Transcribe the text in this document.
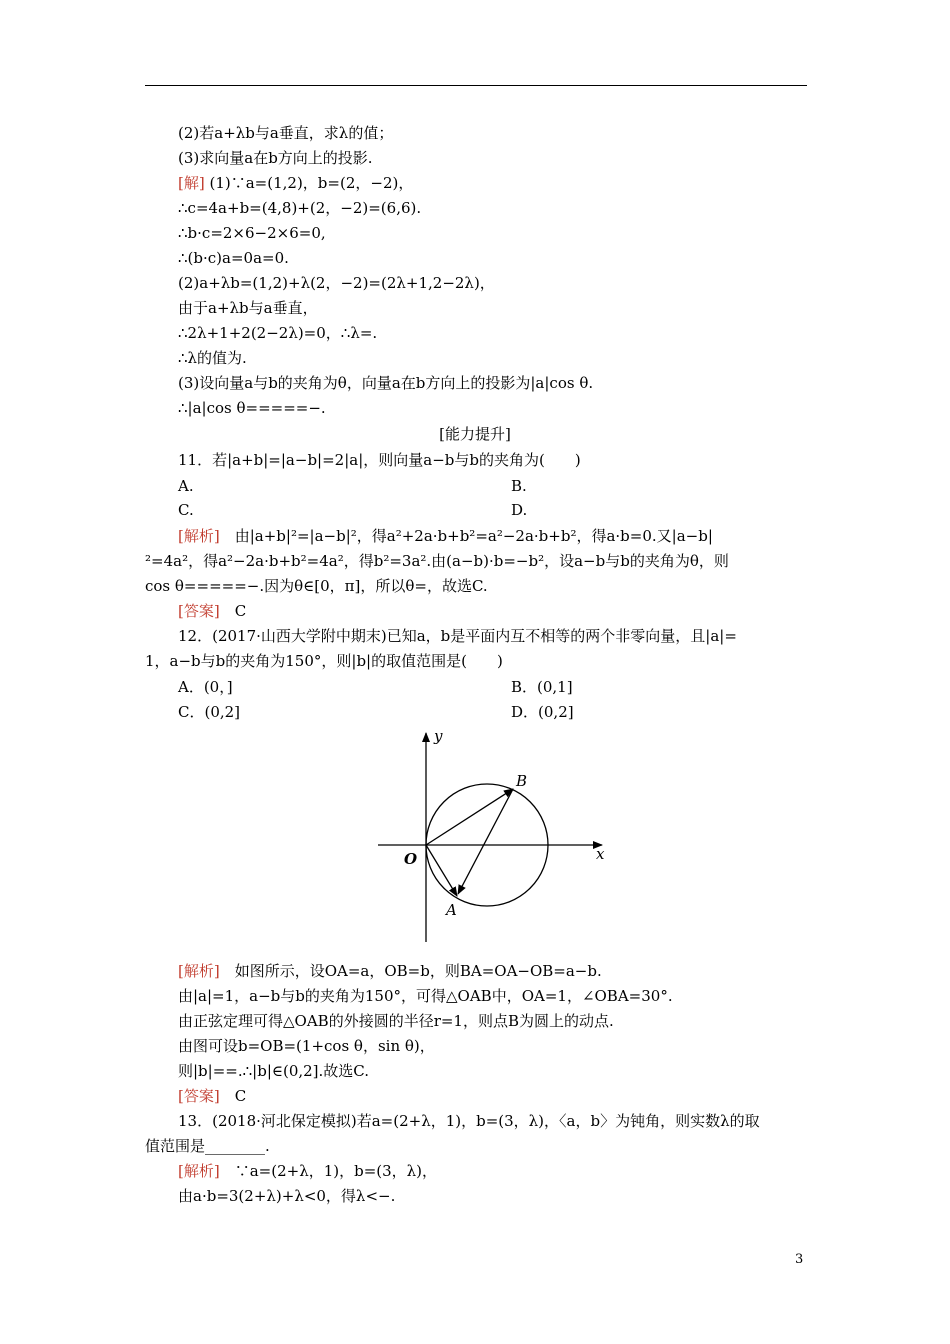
(2)若a+λb与a垂直，求λ的值；
(3)求向量a在b方向上的投影.
[解] (1)∵a=(1,2)，b=(2，−2)，
∴c=4a+b=(4,8)+(2，−2)=(6,6).
∴b·c=2×6−2×6=0,
∴(b·c)a=0a=0.
(2)a+λb=(1,2)+λ(2，−2)=(2λ+1,2−2λ)，
由于a+λb与a垂直，
∴2λ+1+2(2−2λ)=0，∴λ=.
∴λ的值为.
(3)设向量a与b的夹角为θ，向量a在b方向上的投影为|a|cos θ.
∴|a|cos θ=====−.
[能力提升]
11．若|a+b|=|a−b|=2|a|，则向量a−b与b的夹角为(　　)
A.	B.
C.	D.
[解析]　由|a+b|²=|a−b|²，得a²+2a·b+b²=a²−2a·b+b²，得a·b=0.又|a−b|
²=4a²，得a²−2a·b+b²=4a²，得b²=3a².由(a−b)·b=−b²，设a−b与b的夹角为θ，则
cos θ=====−.因为θ∈[0，π]，所以θ=，故选C.
[答案]　C
12．(2017·山西大学附中期末)已知a，b是平面内互不相等的两个非零向量，且|a|=
1，a−b与b的夹角为150°，则|b|的取值范围是(　　)
A．(0，]	B．(0,1]
C．(0,2]	D．(0,2]
y
x
O
A
B
[解析]　如图所示，设OA=a，OB=b，则BA=OA−OB=a−b.
由|a|=1，a−b与b的夹角为150°，可得△OAB中，OA=1，∠OBA=30°.
由正弦定理可得△OAB的外接圆的半径r=1，则点B为圆上的动点.
由图可设b=OB=(1+cos θ，sin θ)，
则|b|==.∴|b|∈(0,2].故选C.
[答案]　C
13．(2018·河北保定模拟)若a=(2+λ，1)，b=(3，λ)，〈a，b〉为钝角，则实数λ的取
值范围是________.
[解析]　∵a=(2+λ，1)，b=(3，λ)，
由a·b=3(2+λ)+λ<0，得λ<−.
3
